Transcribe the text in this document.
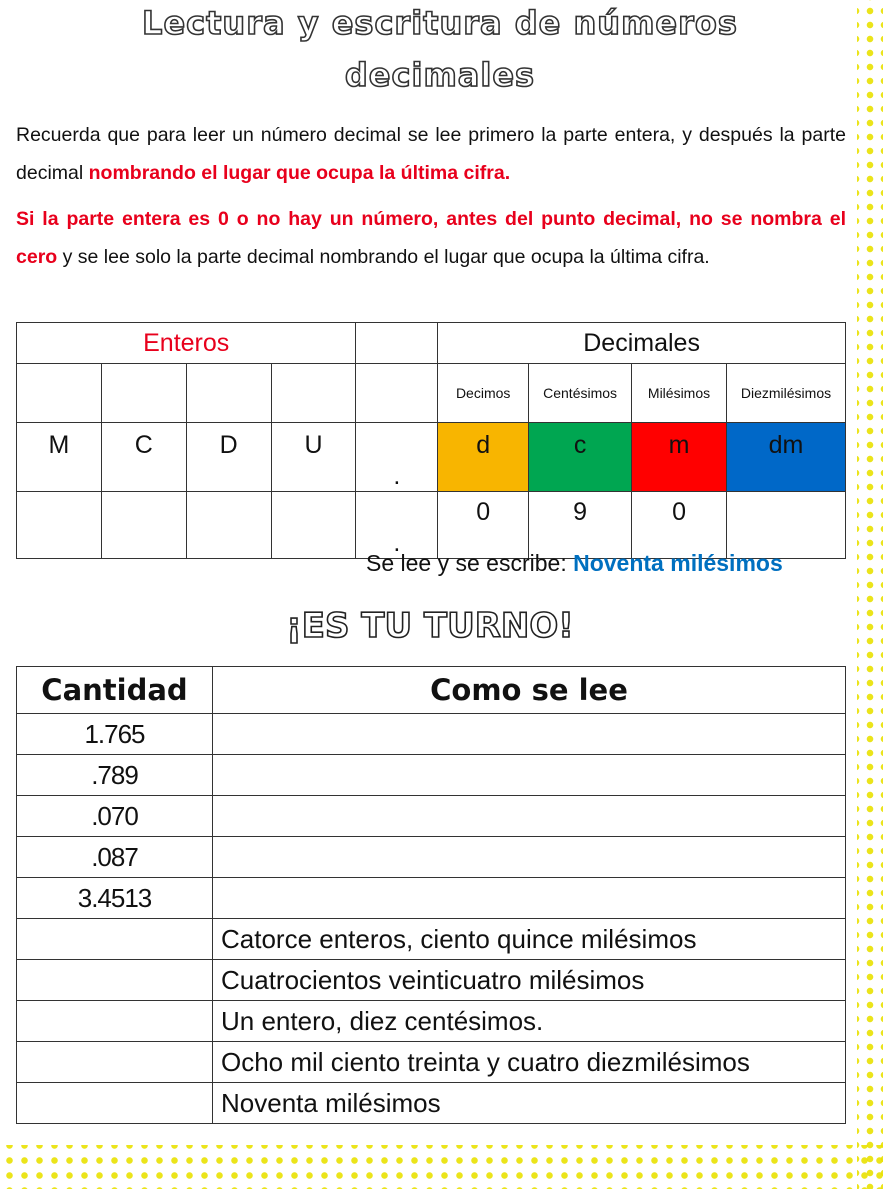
Lectura y escritura de números
decimales

Recuerda que para leer un número decimal se lee primero la parte entera, y después la parte decimal nombrando el lugar que ocupa la última cifra.

Si la parte entera es 0 o no hay un número, antes del punto decimal, no se nombra el cero y se lee solo la parte decimal nombrando el lugar que ocupa la última cifra.

Enteros					Decimales			
					Decimos	Centésimos	Milésimos	Diezmilésimos
M	C	D	U	.	d	c	m	dm
				.	0	9	0	
Se lee y se escribe: Noventa milésimos
¡ES TU TURNO!
Cantidad	Como se lee
1.765	
.789	
.070	
.087	
3.4513	
	Catorce enteros, ciento quince milésimos
	Cuatrocientos veinticuatro milésimos
	Un entero, diez centésimos.
	Ocho mil ciento treinta y cuatro diezmilésimos
	Noventa milésimos
